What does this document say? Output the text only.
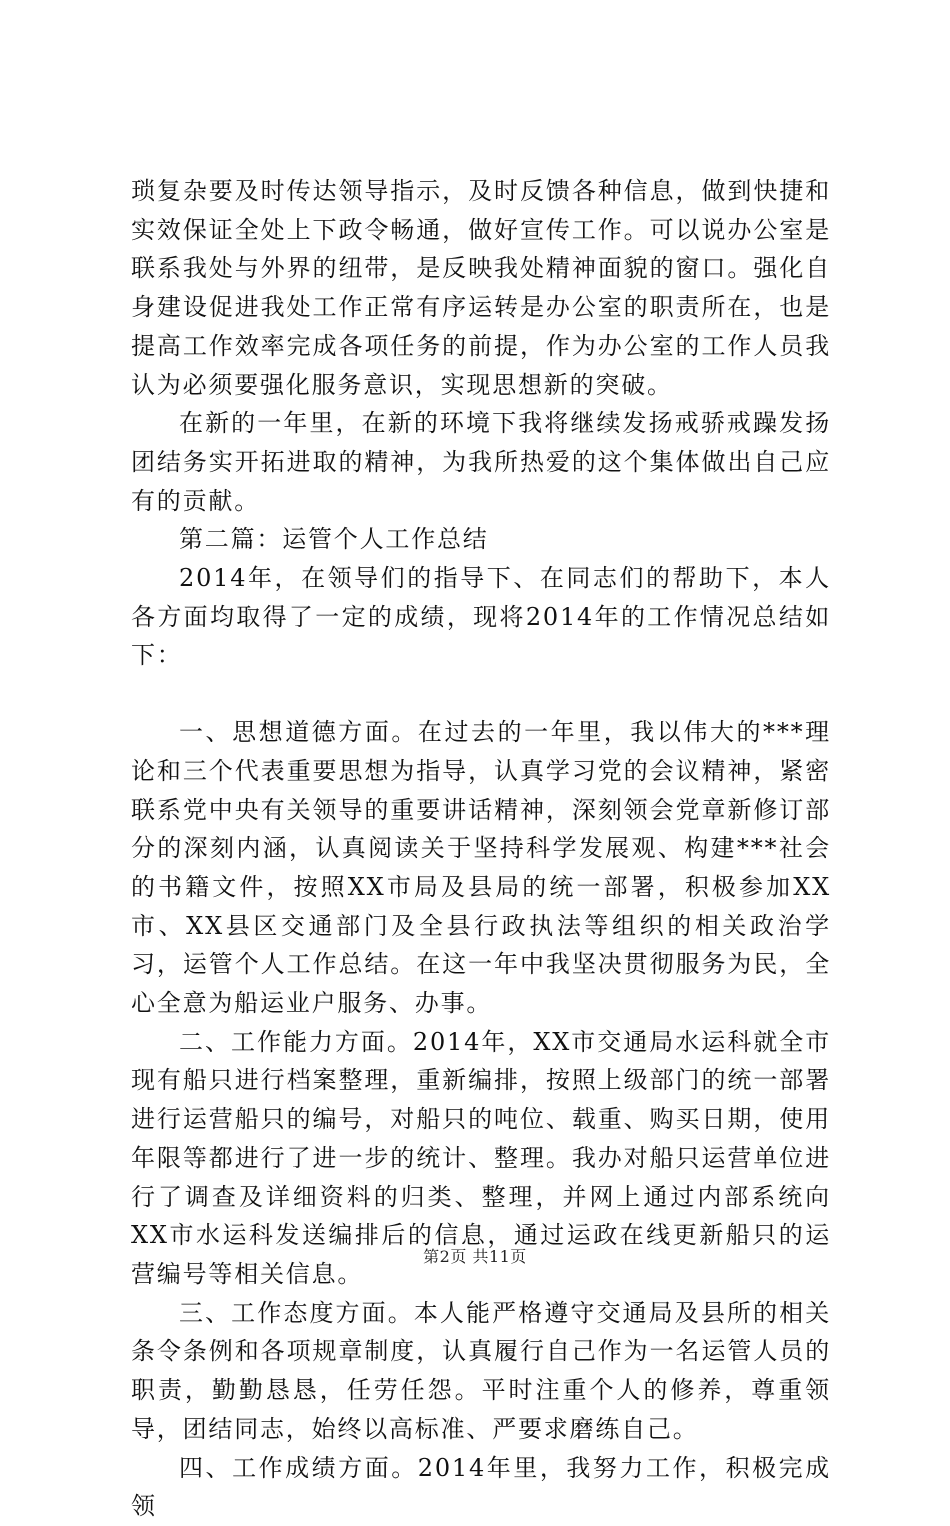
琐复杂要及时传达领导指示，及时反馈各种信息，做到快捷和实效保证全处上下政令畅通，做好宣传工作。可以说办公室是联系我处与外界的纽带，是反映我处精神面貌的窗口。强化自身建设促进我处工作正常有序运转是办公室的职责所在，也是提高工作效率完成各项任务的前提，作为办公室的工作人员我认为必须要强化服务意识，实现思想新的突破。

在新的一年里，在新的环境下我将继续发扬戒骄戒躁发扬团结务实开拓进取的精神，为我所热爱的这个集体做出自己应有的贡献。

第二篇：运管个人工作总结

2014年，在领导们的指导下、在同志们的帮助下，本人各方面均取得了一定的成绩，现将2014年的工作情况总结如下：

一、思想道德方面。在过去的一年里，我以伟大的***理论和三个代表重要思想为指导，认真学习党的会议精神，紧密联系党中央有关领导的重要讲话精神，深刻领会党章新修订部分的深刻内涵，认真阅读关于坚持科学发展观、构建***社会的书籍文件，按照XX市局及县局的统一部署，积极参加XX市、XX县区交通部门及全县行政执法等组织的相关政治学习，运管个人工作总结。在这一年中我坚决贯彻服务为民，全心全意为船运业户服务、办事。

二、工作能力方面。2014年，XX市交通局水运科就全市现有船只进行档案整理，重新编排，按照上级部门的统一部署进行运营船只的编号，对船只的吨位、载重、购买日期，使用年限等都进行了进一步的统计、整理。我办对船只运营单位进行了调查及详细资料的归类、整理，并网上通过内部系统向XX市水运科发送编排后的信息，通过运政在线更新船只的运营编号等相关信息。

三、工作态度方面。本人能严格遵守交通局及县所的相关条令条例和各项规章制度，认真履行自己作为一名运管人员的职责，勤勤恳恳，任劳任怨。平时注重个人的修养，尊重领导，团结同志，始终以高标准、严要求磨练自己。

四、工作成绩方面。2014年里，我努力工作，积极完成领

第2页 共11页
